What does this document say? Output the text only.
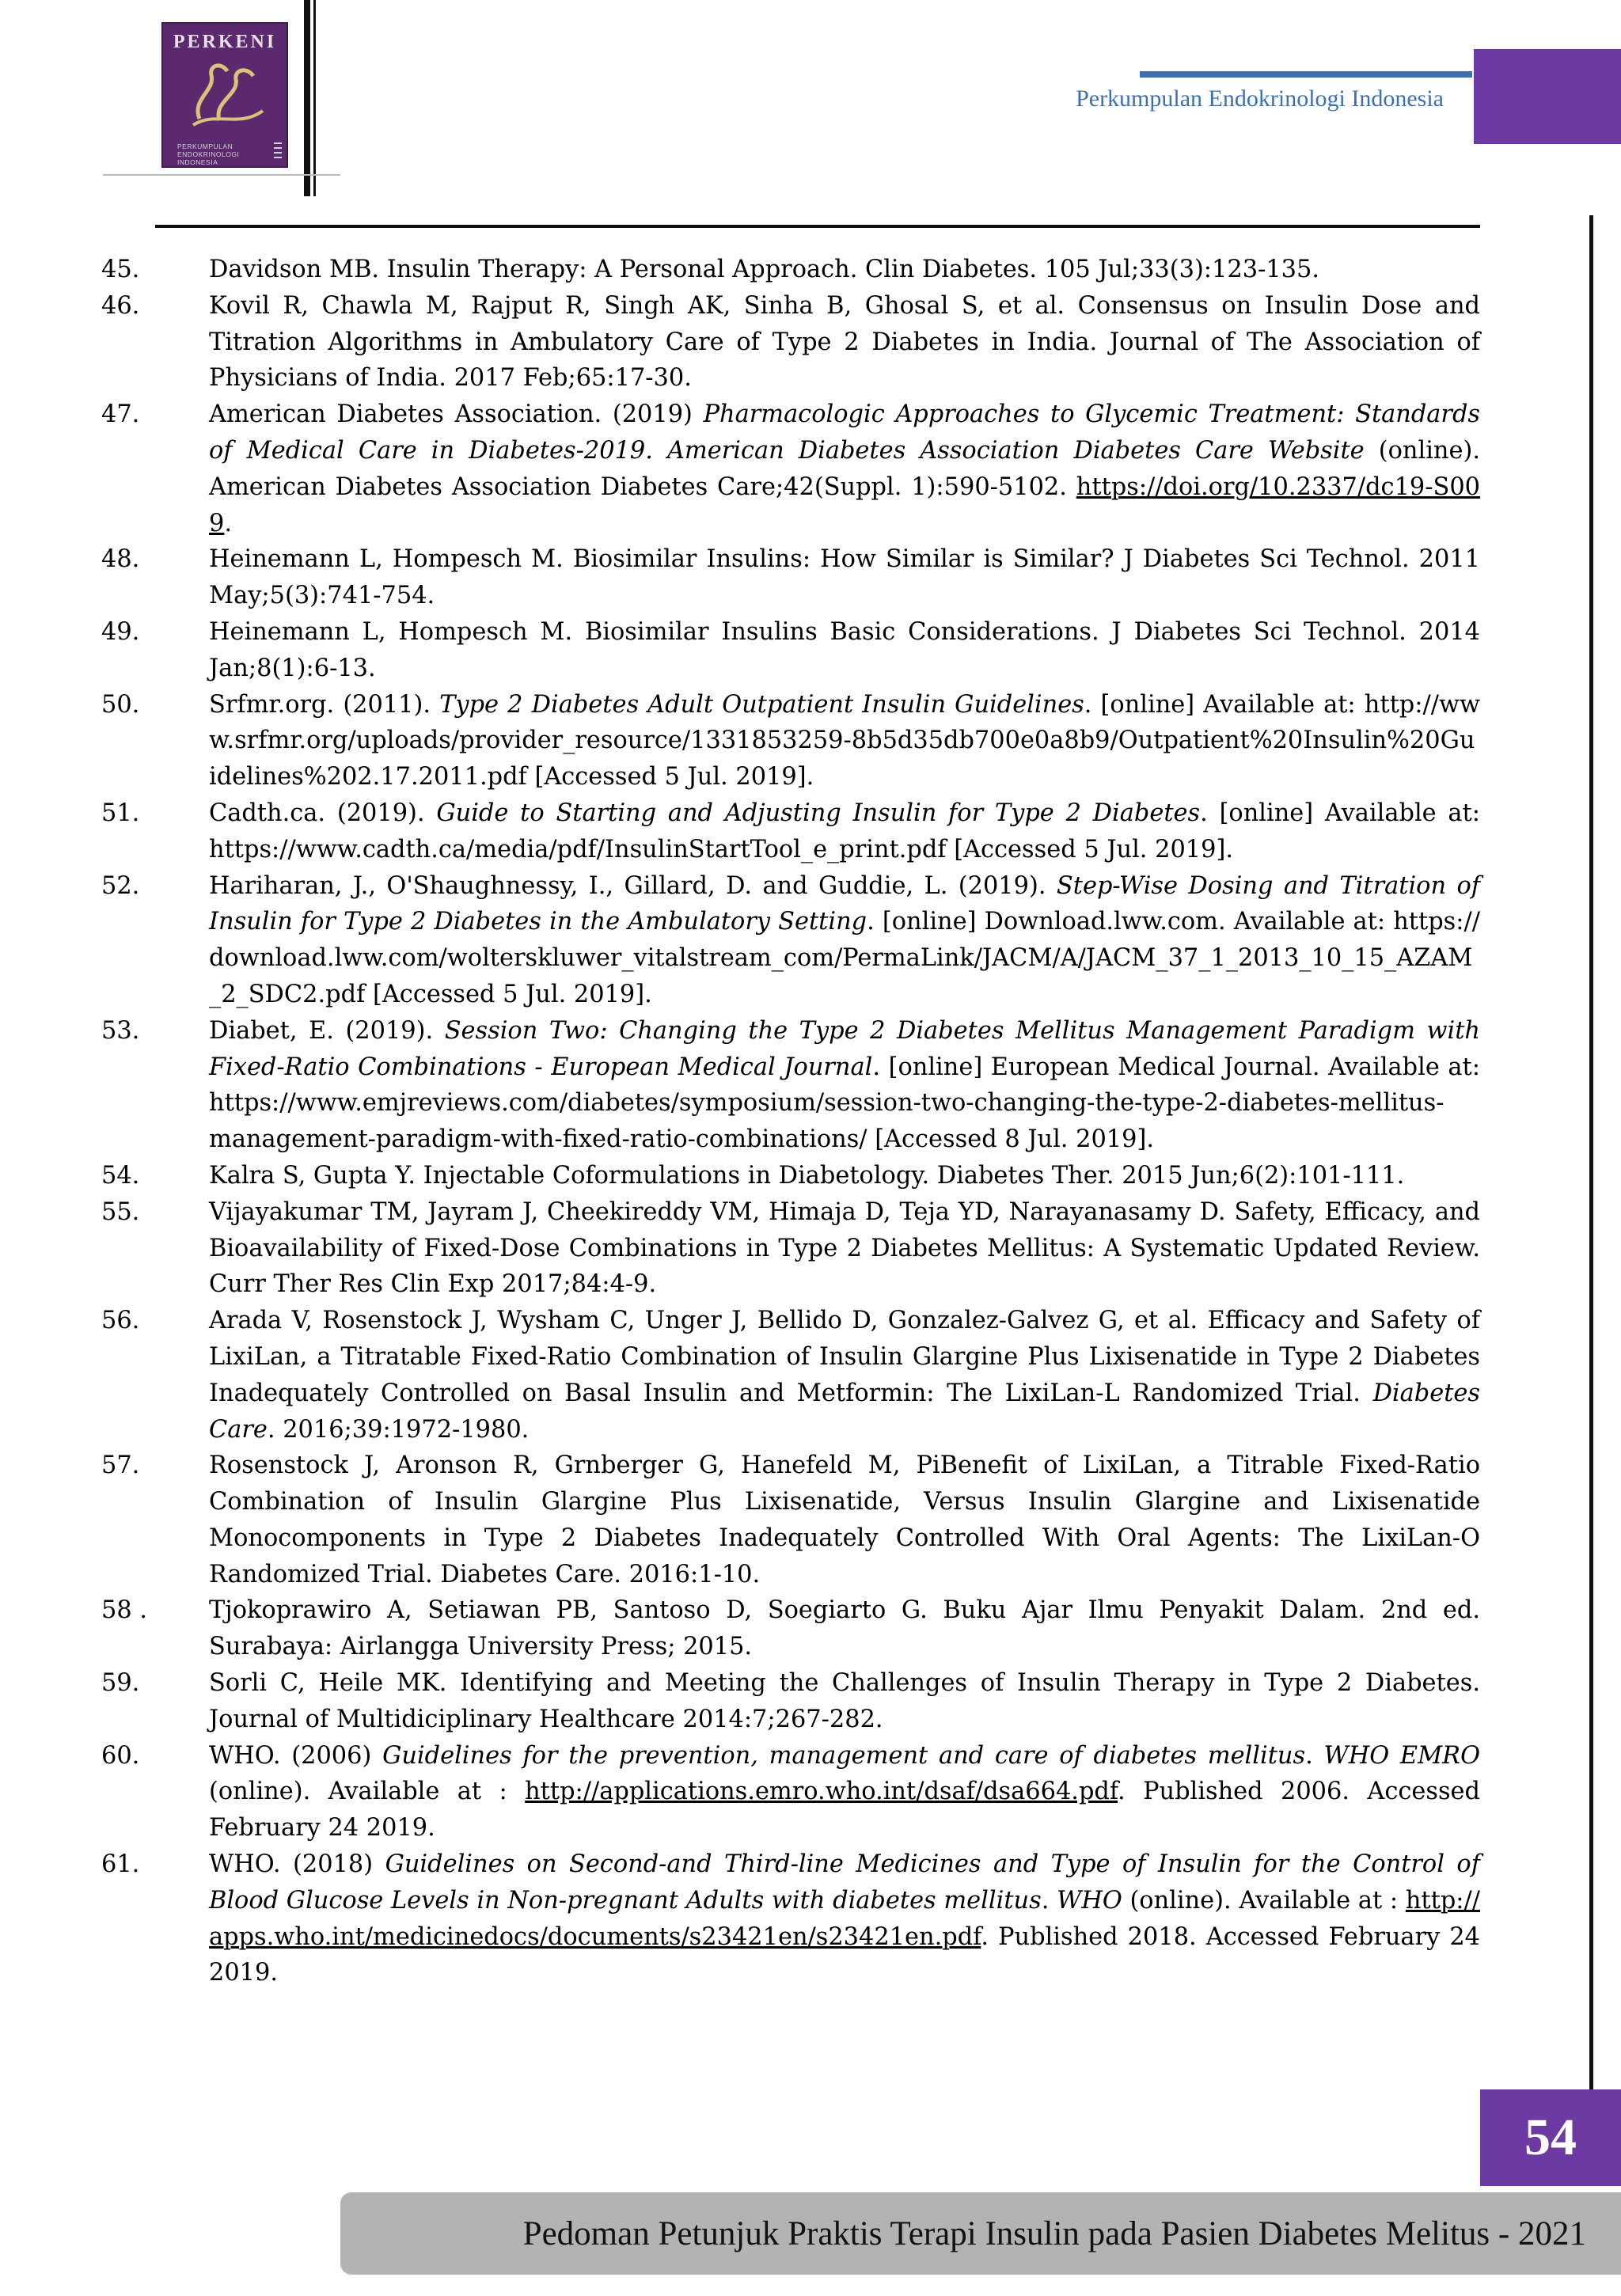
PERKENI
PERKUMPULAN ENDOKRINOLOGI INDONESIA
Perkumpulan Endokrinologi Indonesia
45.	Davidson MB. Insulin Therapy: A Personal Approach. Clin Diabetes. 105 Jul;33(3):123-135.
46.	Kovil R, Chawla M, Rajput R, Singh AK, Sinha B, Ghosal S, et al. Consensus on Insulin Dose and Titration Algorithms in Ambulatory Care of Type 2 Diabetes in India. Journal of The Association of Physicians of India. 2017 Feb;65:17-30.
47.	American Diabetes Association. (2019) Pharmacologic Approaches to Glycemic Treatment: Standards of Medical Care in Diabetes-2019. American Diabetes Association Diabetes Care Website (online). American Diabetes Association Diabetes Care;42(Suppl. 1):590-5102. https://doi.org/10.2337/dc19-S009.
48.	Heinemann L, Hompesch M. Biosimilar Insulins: How Similar is Similar? J Diabetes Sci Technol. 2011 May;5(3):741-754.
49.	Heinemann L, Hompesch M. Biosimilar Insulins Basic Considerations. J Diabetes Sci Technol. 2014 Jan;8(1):6-13.
50.	Srfmr.org. (2011). Type 2 Diabetes Adult Outpatient Insulin Guidelines. [online] Available at: http://www.srfmr.org/uploads/provider_resource/1331853259-8b5d35db700e0a8b9/Outpatient%20Insulin%20Guidelines%202.17.2011.pdf [Accessed 5 Jul. 2019].
51.	Cadth.ca. (2019). Guide to Starting and Adjusting Insulin for Type 2 Diabetes. [online] Available at: https://www.cadth.ca/media/pdf/InsulinStartTool_e_print.pdf [Accessed 5 Jul. 2019].
52.	Hariharan, J., O'Shaughnessy, I., Gillard, D. and Guddie, L. (2019). Step-Wise Dosing and Titration of Insulin for Type 2 Diabetes in the Ambulatory Setting. [online] Download.lww.com. Available at: https://download.lww.com/wolterskluwer_vitalstream_com/PermaLink/JACM/A/JACM_37_1_2013_10_15_AZAM_2_SDC2.pdf [Accessed 5 Jul. 2019].
53.	Diabet, E. (2019). Session Two: Changing the Type 2 Diabetes Mellitus Management Paradigm with Fixed-Ratio Combinations - European Medical Journal. [online] European Medical Journal. Available at: https://www.emjreviews.com/diabetes/symposium/session-two-changing-the-type-2-diabetes-mellitus-management-paradigm-with-fixed-ratio-combinations/ [Accessed 8 Jul. 2019].
54.	Kalra S, Gupta Y. Injectable Coformulations in Diabetology. Diabetes Ther. 2015 Jun;6(2):101-111.
55.	Vijayakumar TM, Jayram J, Cheekireddy VM, Himaja D, Teja YD, Narayanasamy D. Safety, Efficacy, and Bioavailability of Fixed-Dose Combinations in Type 2 Diabetes Mellitus: A Systematic Updated Review. Curr Ther Res Clin Exp 2017;84:4-9.
56.	Arada V, Rosenstock J, Wysham C, Unger J, Bellido D, Gonzalez-Galvez G, et al. Efficacy and Safety of LixiLan, a Titratable Fixed-Ratio Combination of Insulin Glargine Plus Lixisenatide in Type 2 Diabetes Inadequately Controlled on Basal Insulin and Metformin: The LixiLan-L Randomized Trial. Diabetes Care. 2016;39:1972-1980.
57.	Rosenstock J, Aronson R, Grnberger G, Hanefeld M, PiBenefit of LixiLan, a Titrable Fixed-Ratio Combination of Insulin Glargine Plus Lixisenatide, Versus Insulin Glargine and Lixisenatide Monocomponents in Type 2 Diabetes Inadequately Controlled With Oral Agents: The LixiLan-O Randomized Trial. Diabetes Care. 2016:1-10.
58 .	Tjokoprawiro A, Setiawan PB, Santoso D, Soegiarto G. Buku Ajar Ilmu Penyakit Dalam. 2nd ed. Surabaya: Airlangga University Press; 2015.
59.	Sorli C, Heile MK. Identifying and Meeting the Challenges of Insulin Therapy in Type 2 Diabetes. Journal of Multidiciplinary Healthcare 2014:7;267-282.
60.	WHO. (2006) Guidelines for the prevention, management and care of diabetes mellitus. WHO EMRO (online). Available at : http://applications.emro.who.int/dsaf/dsa664.pdf. Published 2006. Accessed February 24 2019.
61.	WHO. (2018) Guidelines on Second-and Third-line Medicines and Type of Insulin for the Control of Blood Glucose Levels in Non-pregnant Adults with diabetes mellitus. WHO (online). Available at : http://apps.who.int/medicinedocs/documents/s23421en/s23421en.pdf. Published 2018. Accessed February 24 2019.
54
Pedoman Petunjuk Praktis Terapi Insulin pada Pasien Diabetes Melitus - 2021
